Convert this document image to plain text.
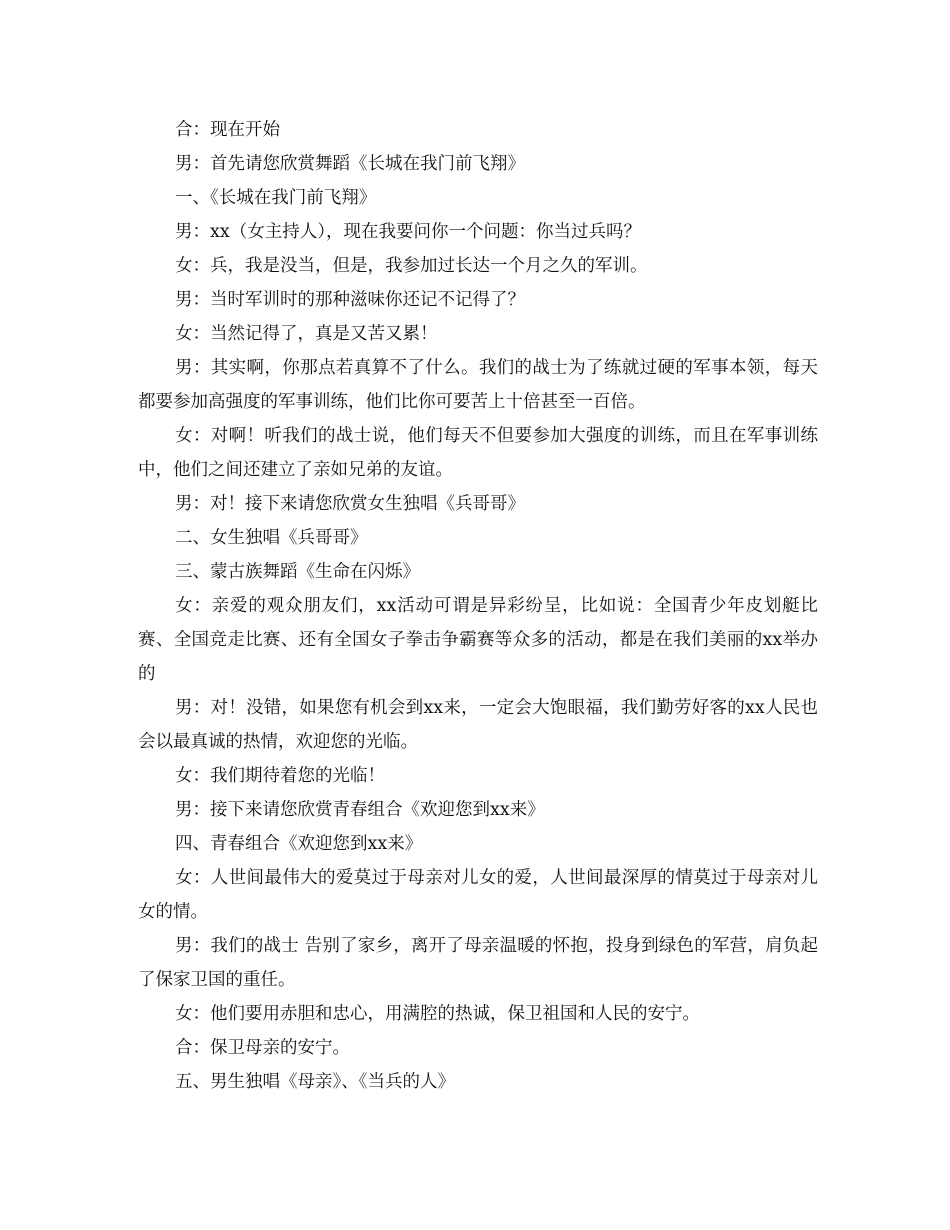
合：现在开始

男：首先请您欣赏舞蹈《长城在我门前飞翔》

一、《长城在我门前飞翔》

男：xx（女主持人），现在我要问你一个问题：你当过兵吗？

女：兵，我是没当，但是，我参加过长达一个月之久的军训。

男：当时军训时的那种滋味你还记不记得了？

女：当然记得了，真是又苦又累！

男：其实啊，你那点若真算不了什么。我们的战士为了练就过硬的军事本领，每天都要参加高强度的军事训练，他们比你可要苦上十倍甚至一百倍。

女：对啊！听我们的战士说，他们每天不但要参加大强度的训练，而且在军事训练中，他们之间还建立了亲如兄弟的友谊。

男：对！接下来请您欣赏女生独唱《兵哥哥》

二、女生独唱《兵哥哥》

三、蒙古族舞蹈《生命在闪烁》

女：亲爱的观众朋友们，xx活动可谓是异彩纷呈，比如说：全国青少年皮划艇比赛、全国竞走比赛、还有全国女子拳击争霸赛等众多的活动，都是在我们美丽的xx举办的

男：对！没错，如果您有机会到xx来，一定会大饱眼福，我们勤劳好客的xx人民也会以最真诚的热情，欢迎您的光临。

女：我们期待着您的光临！

男：接下来请您欣赏青春组合《欢迎您到xx来》

四、青春组合《欢迎您到xx来》

女：人世间最伟大的爱莫过于母亲对儿女的爱，人世间最深厚的情莫过于母亲对儿女的情。

男：我们的战士 告别了家乡，离开了母亲温暖的怀抱，投身到绿色的军营，肩负起了保家卫国的重任。

女：他们要用赤胆和忠心，用满腔的热诚，保卫祖国和人民的安宁。

合：保卫母亲的安宁。

五、男生独唱《母亲》、《当兵的人》
